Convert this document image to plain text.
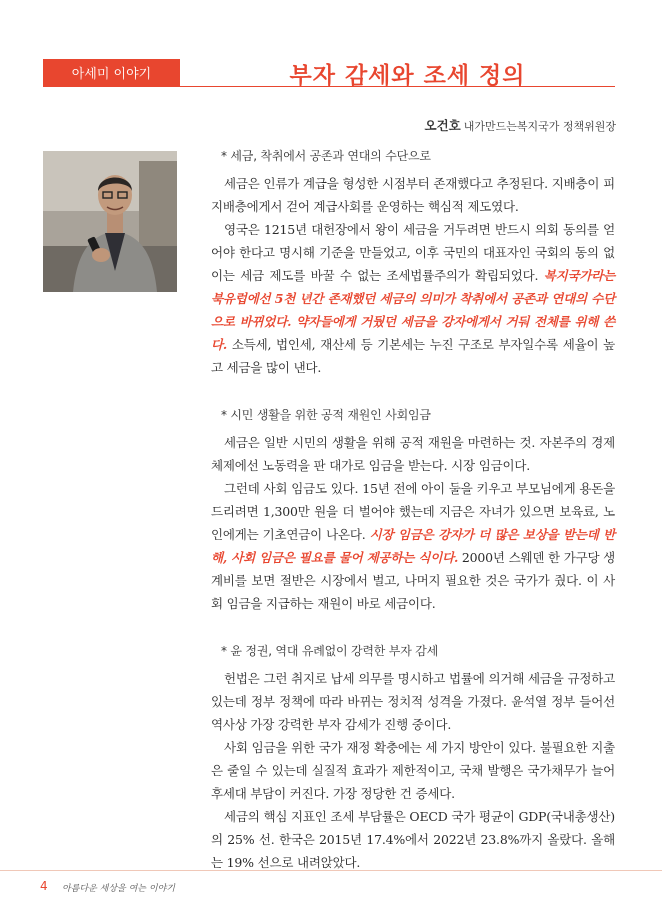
아세미 이야기	부자 감세와 조세 정의
오건호 내가만드는복지국가 정책위원장
* 세금, 착취에서 공존과 연대의 수단으로

세금은 인류가 계급을 형성한 시점부터 존재했다고 추정된다. 지배층이 피지배층에게서 걷어 계급사회를 운영하는 핵심적 제도였다.

영국은 1215년 대헌장에서 왕이 세금을 거두려면 반드시 의회 동의를 얻어야 한다고 명시해 기준을 만들었고, 이후 국민의 대표자인 국회의 동의 없이는 세금 제도를 바꿀 수 없는 조세법률주의가 확립되었다. 복지국가라는 북유럽에선 5천 년간 존재했던 세금의 의미가 착취에서 공존과 연대의 수단으로 바뀌었다. 약자들에게 거뒀던 세금을 강자에게서 거둬 전체를 위해 쓴다. 소득세, 법인세, 재산세 등 기본세는 누진 구조로 부자일수록 세율이 높고 세금을 많이 낸다.

* 시민 생활을 위한 공적 재원인 사회임금

세금은 일반 시민의 생활을 위해 공적 재원을 마련하는 것. 자본주의 경제 체제에선 노동력을 판 대가로 임금을 받는다. 시장 임금이다.

그런데 사회 임금도 있다. 15년 전에 아이 둘을 키우고 부모님에게 용돈을 드리려면 1,300만 원을 더 벌어야 했는데 지금은 자녀가 있으면 보육료, 노인에게는 기초연금이 나온다. 시장 임금은 강자가 더 많은 보상을 받는데 반해, 사회 임금은 필요를 물어 제공하는 식이다. 2000년 스웨덴 한 가구당 생계비를 보면 절반은 시장에서 벌고, 나머지 필요한 것은 국가가 줬다. 이 사회 임금을 지급하는 재원이 바로 세금이다.

* 윤 정권, 역대 유례없이 강력한 부자 감세

헌법은 그런 취지로 납세 의무를 명시하고 법률에 의거해 세금을 규정하고 있는데 정부 정책에 따라 바뀌는 정치적 성격을 가졌다. 윤석열 정부 들어선 역사상 가장 강력한 부자 감세가 진행 중이다.

사회 임금을 위한 국가 재정 확충에는 세 가지 방안이 있다. 불필요한 지출은 줄일 수 있는데 실질적 효과가 제한적이고, 국채 발행은 국가채무가 늘어 후세대 부담이 커진다. 가장 정당한 건 증세다.

세금의 핵심 지표인 조세 부담률은 OECD 국가 평균이 GDP(국내총생산)의 25% 선. 한국은 2015년 17.4%에서 2022년 23.8%까지 올랐다. 올해는 19% 선으로 내려앉았다.

4 아름다운 세상을 여는 이야기
